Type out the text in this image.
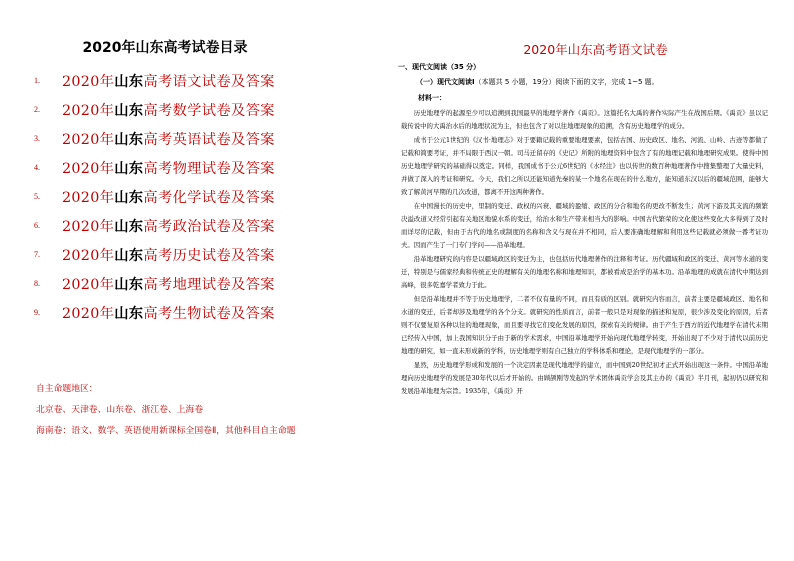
2020年山东高考试卷目录
1.	2020年山东高考语文试卷及答案
2.	2020年山东高考数学试卷及答案
3.	2020年山东高考英语试卷及答案
4.	2020年山东高考物理试卷及答案
5.	2020年山东高考化学试卷及答案
6.	2020年山东高考政治试卷及答案
7.	2020年山东高考历史试卷及答案
8.	2020年山东高考地理试卷及答案
9.	2020年山东高考生物试卷及答案
自主命题地区：
北京卷、天津卷、山东卷、浙江卷、上海卷
海南卷：语文、数学、英语使用新课标全国卷Ⅱ，其他科目自主命题
2020年山东高考语文试卷
一、现代文阅读（35 分）
（一）现代文阅读Ⅰ（本题共 5 小题，19分）阅读下面的文字，完成 1~5 题。
材料一：

历史地理学的起源至少可以追溯到我国最早的地理学著作《禹贡》。这篇托名大禹的著作实际产生在战国后期。《禹贡》虽以记载传说中的大禹治水后的地理状况为主，但也包含了对以往地理现象的追溯，含有历史地理学的成分。

成书于公元1世纪的《汉书·地理志》对于要籍记载的重要地理要素，包括古国、历史政区、地名、河流、山岭、古迹等都做了记载和简要考证，并不局限于西汉一朝。司马迁留存的《史记》所附的地理资料中包含了有的地理记载和地理研究成果。使得中国历史地理学研究的基础得以奠定。同样，我国成书于公元6世纪的《水经注》也以传世的数百种地理著作中搜集整理了大量史料，并做了深入的考证和研究。今天，我们之所以还能知道先秦的某一个地名在现在的什么地方，能知道东汉以后的疆域范围，能够大致了解黄河早期的几次改道，都离不开这两种著作。

在中国漫长的历史中，里制的变迁、政权的兴衰、疆域的盈缩、政区的分合和地名的更改不断发生；黄河下游及其支流的频繁决溢改道又经常引起有关地区地貌水系的变迁，给治水和生产带来相当大的影响。中国古代繁荣的文化使这些变化大多得到了及时而详尽的记载，但由于古代的地名或制度的名称和含义与现在并不相同，后人要准确地理解和利用这些记载就必须做一番考证功夫。因而产生了一门专门学问——沿革地理。

沿革地理研究的内容是以疆域政区的变迁为主，也包括历代地理著作的注释和考证。历代疆域和政区的变迁、黄河等水道的变迁，特别是与儒家经典和传统正史的理解有关的地理名称和地理知识，都被看成是治学的基本功。沿革地理的成就在清代中期达到高峰，很多乾嘉学者致力于此。

但是沿革地理并不等于历史地理学，二者不仅有量的不同，而且有质的区别。就研究内容而言，前者主要是疆域政区、地名和水道的变迁，后者却涉及地理学的各个分支。就研究的性质而言，前者一般只是对现象的描述和复原，很少涉及变化的原因，后者则不仅要复原各种以往的地理现象，而且要寻找它们变化发展的原因，探索有关的规律。由于产生于西方的近代地理学在清代末期已经传入中国，加上我国知识分子由于新的学术需求，中国沿革地理学开始向现代地理学转变，开始出现了不少对于清代以前历史地理的研究，如一直未形成新的学科，历史地理学则有自己独立的学科体系和理论，是现代地理学的一部分。

显然，历史地理学形成和发展的一个决定因素是现代地理学的建立，而中国到20世纪初才正式开始出现这一条件。中国沿革地理向历史地理学的发展是30年代以后才开始的。由顾颉刚等发起的学术团体禹贡学会及其主办的《禹贡》半月刊，起初仍以研究和发展沿革地理为宗旨。1935年，《禹贡》开
